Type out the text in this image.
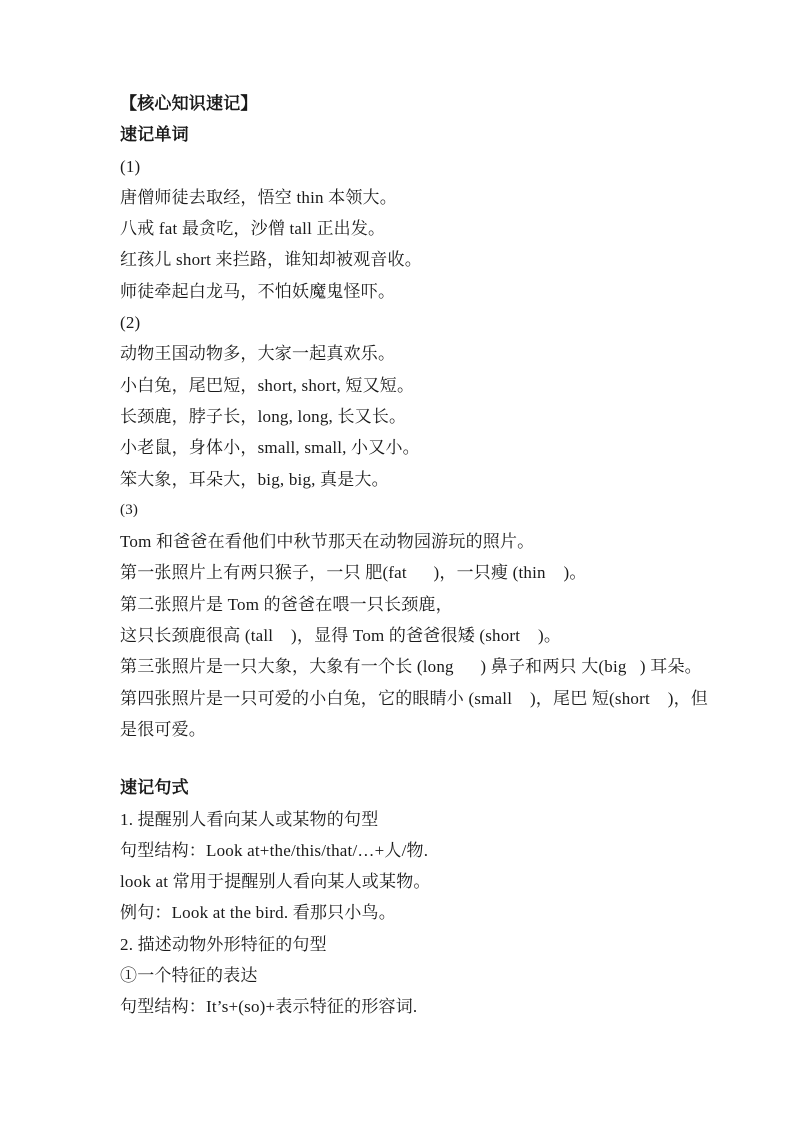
【核心知识速记】

速记单词

(1)

唐僧师徒去取经，悟空 thin 本领大。

八戒 fat 最贪吃，沙僧 tall 正出发。

红孩儿 short 来拦路，谁知却被观音收。

师徒牵起白龙马，不怕妖魔鬼怪吓。

(2)

动物王国动物多，大家一起真欢乐。

小白兔，尾巴短，short, short, 短又短。

长颈鹿，脖子长，long, long, 长又长。

小老鼠，身体小，small, small, 小又小。

笨大象，耳朵大，big, big, 真是大。

(3)

Tom 和爸爸在看他们中秋节那天在动物园游玩的照片。

第一张照片上有两只猴子，一只 肥(fat      )，一只瘦 (thin    )。

第二张照片是 Tom 的爸爸在喂一只长颈鹿，

这只长颈鹿很高 (tall    )，显得 Tom 的爸爸很矮 (short    )。

第三张照片是一只大象，大象有一个长 (long      ) 鼻子和两只 大(big   ) 耳朵。

第四张照片是一只可爱的小白兔，它的眼睛小 (small    )，尾巴 短(short    )，但

是很可爱。

速记句式

1. 提醒别人看向某人或某物的句型

句型结构：Look at+the/this/that/…+人/物.

look at 常用于提醒别人看向某人或某物。

例句：Look at the bird. 看那只小鸟。

2. 描述动物外形特征的句型

①一个特征的表达

句型结构：It’s+(so)+表示特征的形容词.
